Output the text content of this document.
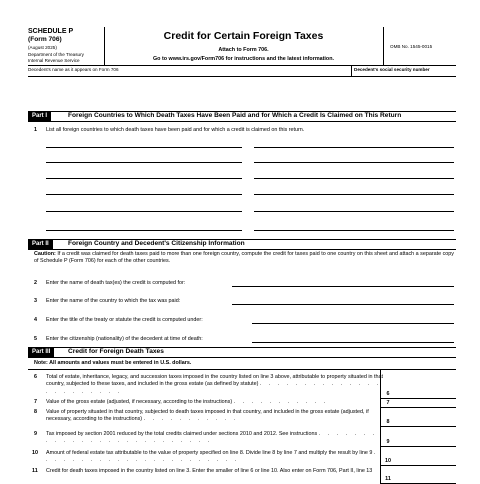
SCHEDULE P
(Form 706)
(August 2025)
Department of the Treasury
Internal Revenue Service
Credit for Certain Foreign Taxes
Attach to Form 706.
Go to www.irs.gov/Form706 for instructions and the latest information.
OMB No. 1545-0015
Decedent's name as it appears on Form 706	Decedent's social security number
Part I	Foreign Countries to Which Death Taxes Have Been Paid and for Which a Credit Is Claimed on This Return
1 List all foreign countries to which death taxes have been paid and for which a credit is claimed on this return.
Part II	Foreign Country and Decedent's Citizenship Information
Caution: If a credit was claimed for death taxes paid to more than one foreign country, compute the credit for taxes paid to one country on this sheet and attach a separate copy of Schedule P (Form 706) for each of the other countries.
2 Enter the name of death tax(es) the credit is computed for:
3 Enter the name of the country to which the tax was paid:
4 Enter the title of the treaty or statute the credit is computed under:
5 Enter the citizenship (nationality) of the decedent at time of death:
Part III	Credit for Foreign Death Taxes
Note: All amounts and values must be entered in U.S. dollars.
6 Total of estate, inheritance, legacy, and succession taxes imposed in the country listed on line 3 above, attributable to property situated in that country, subjected to these taxes, and included in the gross estate (as defined by statute) . . . . . . . . . . . . . . . . . . . . . . .	6
7 Value of the gross estate (adjusted, if necessary, according to the instructions) . . . . . . . . . . .	7
8 Value of property situated in that country, subjected to death taxes imposed in that country, and included in the gross estate (adjusted, if necessary, according to the instructions) . . . . . . . . . . .	8
9 Tax imposed by section 2001 reduced by the total credits claimed under sections 2010 and 2012. See instructions . . . . . . . . . . . . . . . . . . . . . . . . . .	9
10 Amount of federal estate tax attributable to the value of property specified on line 8. Divide line 8 by line 7 and multiply the result by line 9 . . . . . . . . . . . . . . . . . . . . . . .	10
11 Credit for death taxes imposed in the country listed on line 3. Enter the smaller of line 6 or line 10. Also enter on Form 706, Part II, line 13
11
